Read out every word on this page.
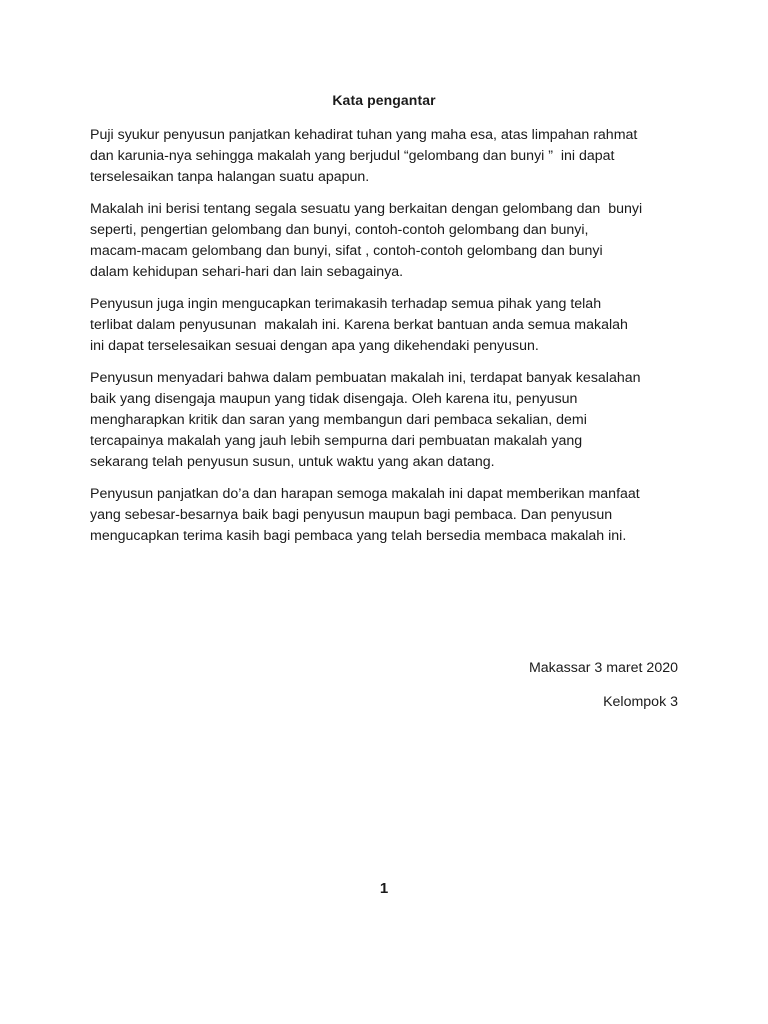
Kata pengantar

Puji syukur penyusun panjatkan kehadirat tuhan yang maha esa, atas limpahan rahmat
dan karunia-nya sehingga makalah yang berjudul “gelombang dan bunyi ”  ini dapat
terselesaikan tanpa halangan suatu apapun.

Makalah ini berisi tentang segala sesuatu yang berkaitan dengan gelombang dan  bunyi
seperti, pengertian gelombang dan bunyi, contoh-contoh gelombang dan bunyi,
macam-macam gelombang dan bunyi, sifat , contoh-contoh gelombang dan bunyi
dalam kehidupan sehari-hari dan lain sebagainya.

Penyusun juga ingin mengucapkan terimakasih terhadap semua pihak yang telah
terlibat dalam penyusunan  makalah ini. Karena berkat bantuan anda semua makalah
ini dapat terselesaikan sesuai dengan apa yang dikehendaki penyusun.

Penyusun menyadari bahwa dalam pembuatan makalah ini, terdapat banyak kesalahan
baik yang disengaja maupun yang tidak disengaja. Oleh karena itu, penyusun
mengharapkan kritik dan saran yang membangun dari pembaca sekalian, demi
tercapainya makalah yang jauh lebih sempurna dari pembuatan makalah yang
sekarang telah penyusun susun, untuk waktu yang akan datang.

Penyusun panjatkan do’a dan harapan semoga makalah ini dapat memberikan manfaat
yang sebesar-besarnya baik bagi penyusun maupun bagi pembaca. Dan penyusun
mengucapkan terima kasih bagi pembaca yang telah bersedia membaca makalah ini.

Makassar 3 maret 2020
Kelompok 3
1
